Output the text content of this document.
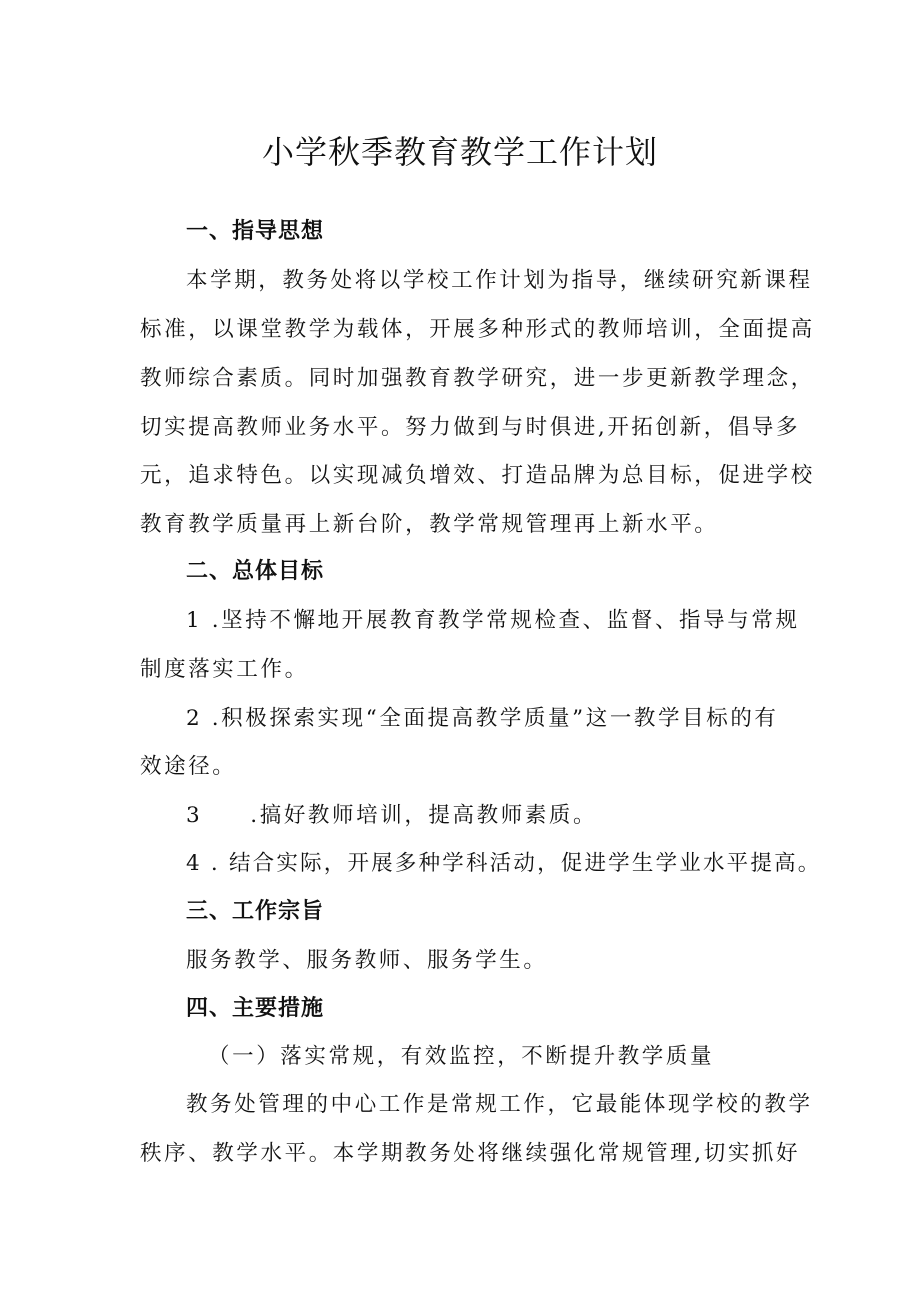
小学秋季教育教学工作计划
一、指导思想
本学期，教务处将以学校工作计划为指导，继续研究新课程
标准，以课堂教学为载体，开展多种形式的教师培训，全面提高
教师综合素质。同时加强教育教学研究，进一步更新教学理念，
切实提高教师业务水平。努力做到与时俱进,开拓创新，倡导多
元，追求特色。以实现减负增效、打造品牌为总目标，促进学校
教育教学质量再上新台阶，教学常规管理再上新水平。
二、总体目标
1 .坚持不懈地开展教育教学常规检查、监督、指导与常规
制度落实工作。
2 .积极探索实现“全面提高教学质量”这一教学目标的有
效途径。
3 .搞好教师培训，提高教师素质。
4 . 结合实际，开展多种学科活动，促进学生学业水平提高。
三、工作宗旨
服务教学、服务教师、服务学生。
四、主要措施
（一）落实常规，有效监控，不断提升教学质量
教务处管理的中心工作是常规工作，它最能体现学校的教学
秩序、教学水平。本学期教务处将继续强化常规管理,切实抓好
